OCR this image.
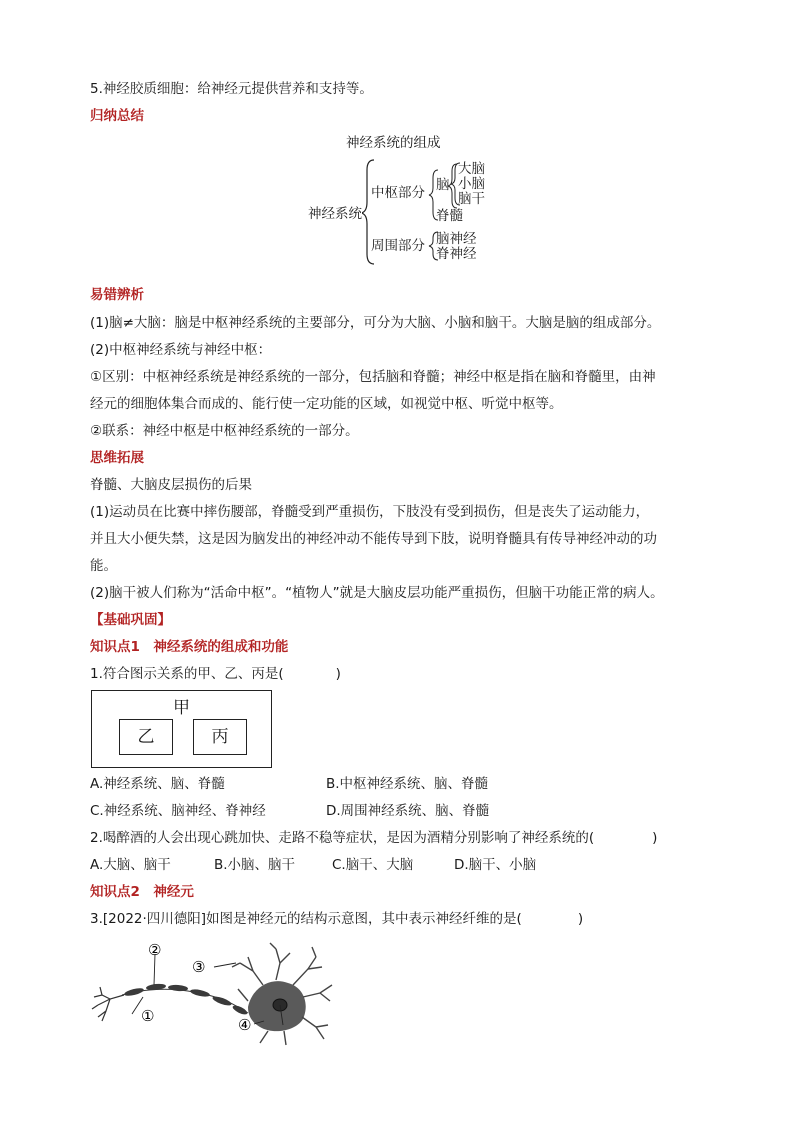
5.神经胶质细胞：给神经元提供营养和支持等。
归纳总结
神经系统的组成
神经系统
中枢部分 脑
大脑
小脑
脑干
脊髓
周围部分 脑神经
脊神经
易错辨析
(1)脑≠大脑：脑是中枢神经系统的主要部分，可分为大脑、小脑和脑干。大脑是脑的组成部分。
(2)中枢神经系统与神经中枢：
①区别：中枢神经系统是神经系统的一部分，包括脑和脊髓；神经中枢是指在脑和脊髓里，由神
经元的细胞体集合而成的、能行使一定功能的区域，如视觉中枢、听觉中枢等。
②联系：神经中枢是中枢神经系统的一部分。
思维拓展
脊髓、大脑皮层损伤的后果
(1)运动员在比赛中摔伤腰部，脊髓受到严重损伤，下肢没有受到损伤，但是丧失了运动能力，
并且大小便失禁，这是因为脑发出的神经冲动不能传导到下肢，说明脊髓具有传导神经冲动的功
能。
(2)脑干被人们称为“活命中枢”。“植物人”就是大脑皮层功能严重损伤，但脑干功能正常的病人。
【基础巩固】
知识点1　神经系统的组成和功能
1.符合图示关系的甲、乙、丙是(	)
甲
乙	丙
A.神经系统、脑、脊髓	B.中枢神经系统、脑、脊髓
C.神经系统、脑神经、脊神经	D.周围神经系统、脑、脊髓
2.喝醉酒的人会出现心跳加快、走路不稳等症状，是因为酒精分别影响了神经系统的(	)
A.大脑、脑干	B.小脑、脑干	C.脑干、大脑	D.脑干、小脑
知识点2　神经元
3.[2022·四川德阳]如图是神经元的结构示意图，其中表示神经纤维的是(	)
②
①
③
④
